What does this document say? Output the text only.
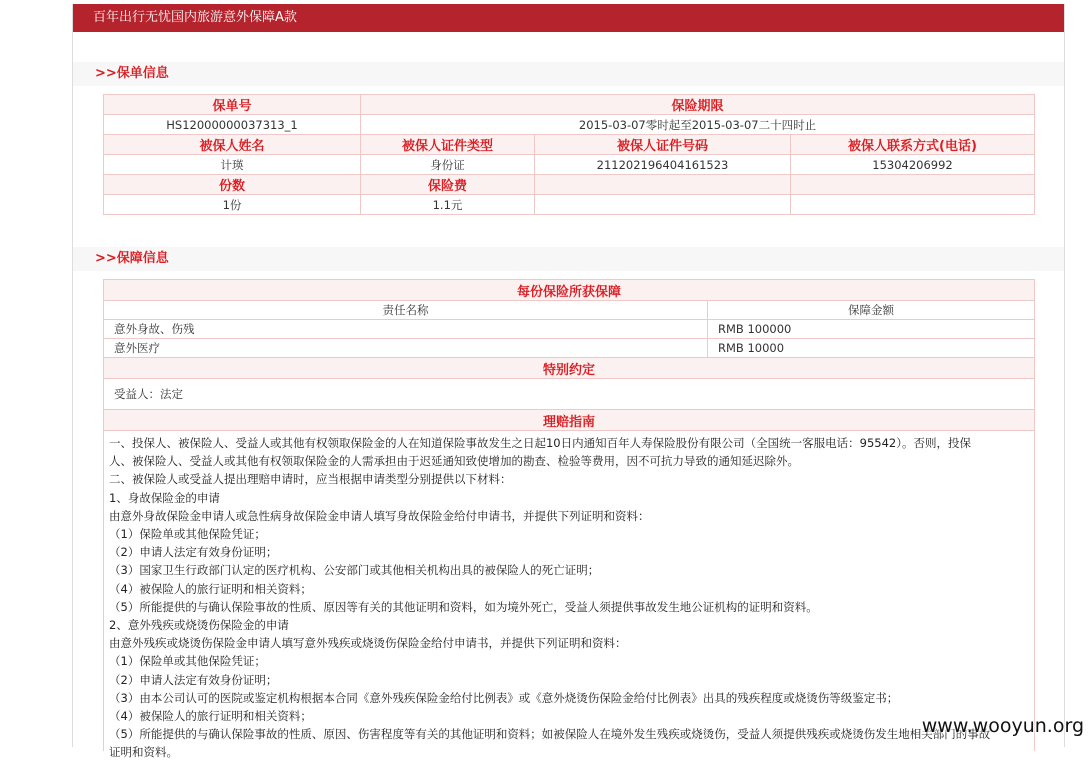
百年出行无忧国内旅游意外保障A款
>>保单信息
保单号	保险期限		
HS12000000037313_1	2015-03-07零时起至2015-03-07二十四时止		
被保人姓名	被保人证件类型	被保人证件号码	被保人联系方式(电话)
计瑛	身份证	211202196404161523	15304206992
份数	保险费		
1份	1.1元		
>>保障信息
每份保险所获保障	
责任名称	保障金额
意外身故、伤残	RMB 100000
意外医疗	RMB 10000
特别约定	
受益人：法定	
理赔指南	

一、投保人、被保险人、受益人或其他有权领取保险金的人在知道保险事故发生之日起10日内通知百年人寿保险股份有限公司（全国统一客服电话：95542）。否则，投保

人、被保险人、受益人或其他有权领取保险金的人需承担由于迟延通知致使增加的勘查、检验等费用，因不可抗力导致的通知延迟除外。

二、被保险人或受益人提出理赔申请时，应当根据申请类型分别提供以下材料：

1、身故保险金的申请

由意外身故保险金申请人或急性病身故保险金申请人填写身故保险金给付申请书，并提供下列证明和资料：

（1）保险单或其他保险凭证；

（2）申请人法定有效身份证明；

（3）国家卫生行政部门认定的医疗机构、公安部门或其他相关机构出具的被保险人的死亡证明；

（4）被保险人的旅行证明和相关资料；

（5）所能提供的与确认保险事故的性质、原因等有关的其他证明和资料，如为境外死亡，受益人须提供事故发生地公证机构的证明和资料。

2、意外残疾或烧烫伤保险金的申请

由意外残疾或烧烫伤保险金申请人填写意外残疾或烧烫伤保险金给付申请书，并提供下列证明和资料：

（1）保险单或其他保险凭证；

（2）申请人法定有效身份证明；

（3）由本公司认可的医院或鉴定机构根据本合同《意外残疾保险金给付比例表》或《意外烧烫伤保险金给付比例表》出具的残疾程度或烧烫伤等级鉴定书；

（4）被保险人的旅行证明和相关资料；

（5）所能提供的与确认保险事故的性质、原因、伤害程度等有关的其他证明和资料；如被保险人在境外发生残疾或烧烫伤，受益人须提供残疾或烧烫伤发生地相关部门的事故

证明和资料。

www.wooyun.org
